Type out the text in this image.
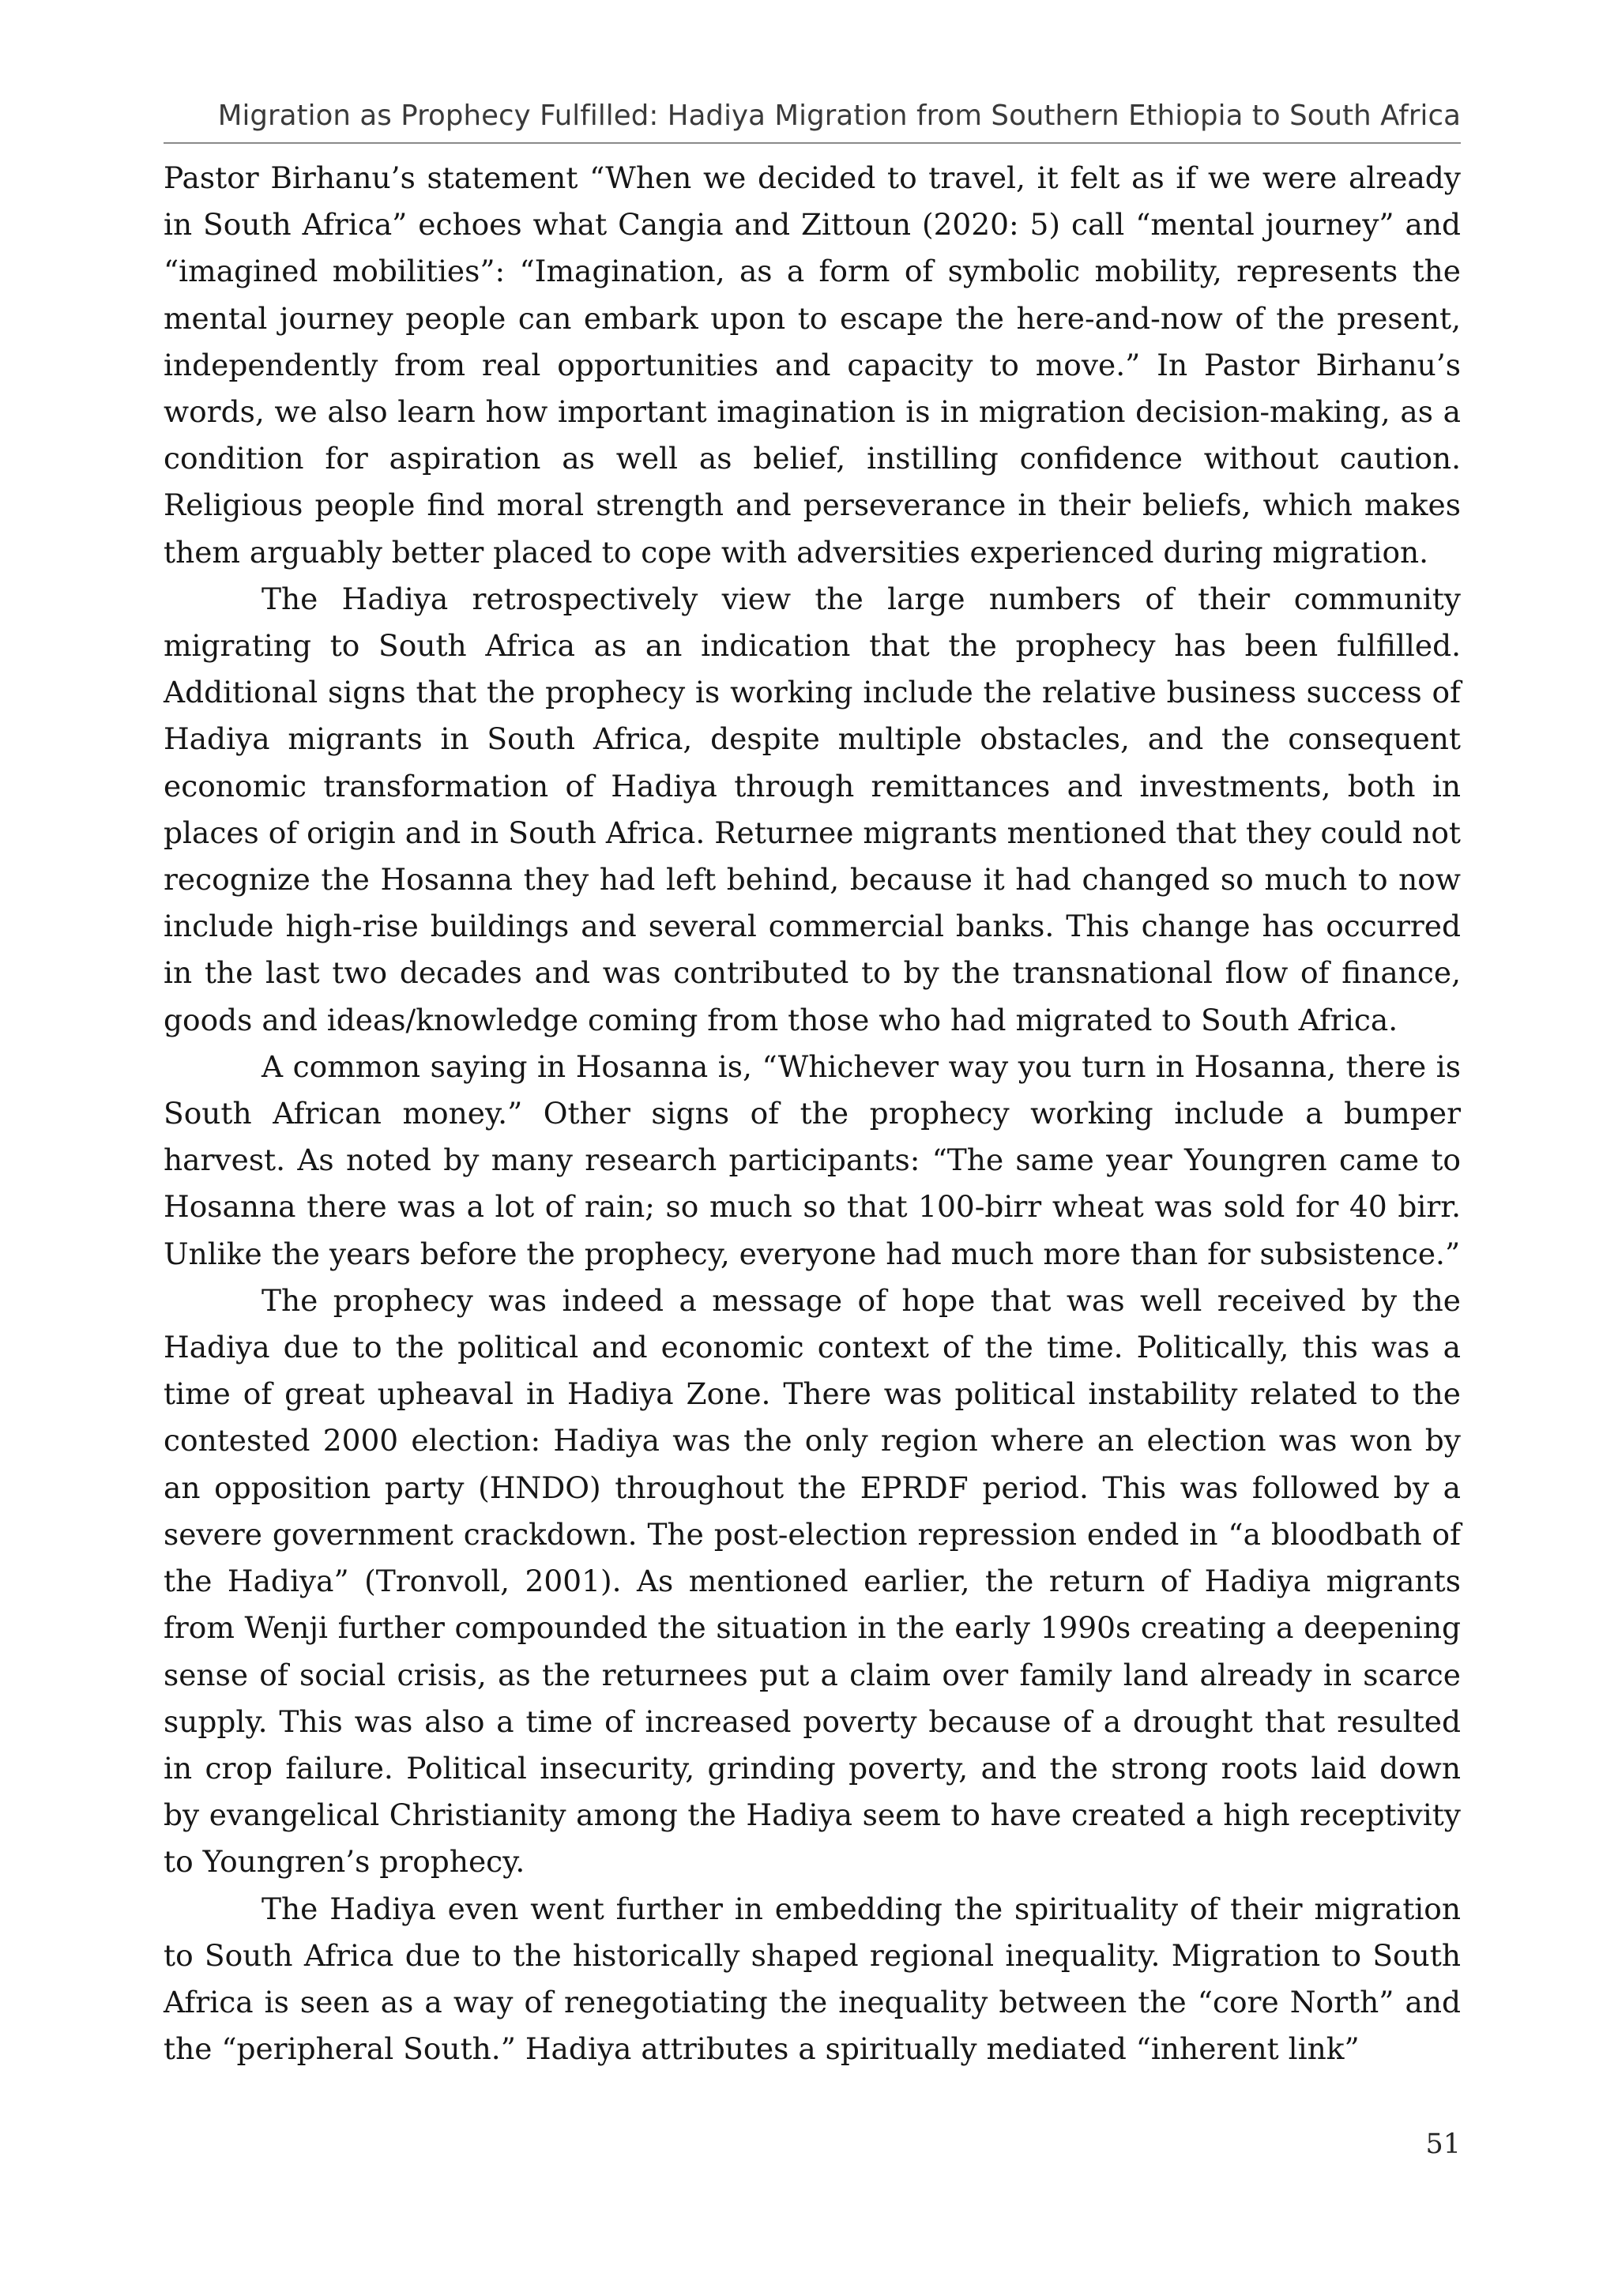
Migration as Prophecy Fulfilled: Hadiya Migration from Southern Ethiopia to South Africa

Pastor Birhanu’s statement “When we decided to travel, it felt as if we were already in South Africa” echoes what Cangia and Zittoun (2020: 5) call “mental journey” and “imagined mobilities”: “Imagination, as a form of symbolic mobility, represents the mental journey people can embark upon to escape the here-and-now of the present, independently from real opportunities and capacity to move.” In Pastor Birhanu’s words, we also learn how important imagination is in migration decision-making, as a condition for aspiration as well as belief, instilling confidence without caution. Religious people find moral strength and perseverance in their beliefs, which makes them arguably better placed to cope with adversities experienced during migration.

The Hadiya retrospectively view the large numbers of their community migrating to South Africa as an indication that the prophecy has been fulfilled. Additional signs that the prophecy is working include the relative business success of Hadiya migrants in South Africa, despite multiple obstacles, and the consequent economic transformation of Hadiya through remittances and investments, both in places of origin and in South Africa. Returnee migrants mentioned that they could not recognize the Hosanna they had left behind, because it had changed so much to now include high-rise buildings and several commercial banks. This change has occurred in the last two decades and was contributed to by the transnational flow of finance, goods and ideas/knowledge coming from those who had migrated to South Africa.

A common saying in Hosanna is, “Whichever way you turn in Hosanna, there is South African money.” Other signs of the prophecy working include a bumper harvest. As noted by many research participants: “The same year Youngren came to Hosanna there was a lot of rain; so much so that 100-birr wheat was sold for 40 birr. Unlike the years before the prophecy, everyone had much more than for subsistence.”

The prophecy was indeed a message of hope that was well received by the Hadiya due to the political and economic context of the time. Politically, this was a time of great upheaval in Hadiya Zone. There was political instability related to the contested 2000 election: Hadiya was the only region where an election was won by an opposition party (HNDO) throughout the EPRDF period. This was followed by a severe government crackdown. The post-election repression ended in “a bloodbath of the Hadiya” (Tronvoll, 2001). As mentioned earlier, the return of Hadiya migrants from Wenji further compounded the situation in the early 1990s creating a deepening sense of social crisis, as the returnees put a claim over family land already in scarce supply. This was also a time of increased poverty because of a drought that resulted in crop failure. Political insecurity, grinding poverty, and the strong roots laid down by evangelical Christianity among the Hadiya seem to have created a high receptivity to Youngren’s prophecy.

The Hadiya even went further in embedding the spirituality of their migration to South Africa due to the historically shaped regional inequality. Migration to South Africa is seen as a way of renegotiating the inequality between the “core North” and the “peripheral South.” Hadiya attributes a spiritually mediated “inherent link”

51
